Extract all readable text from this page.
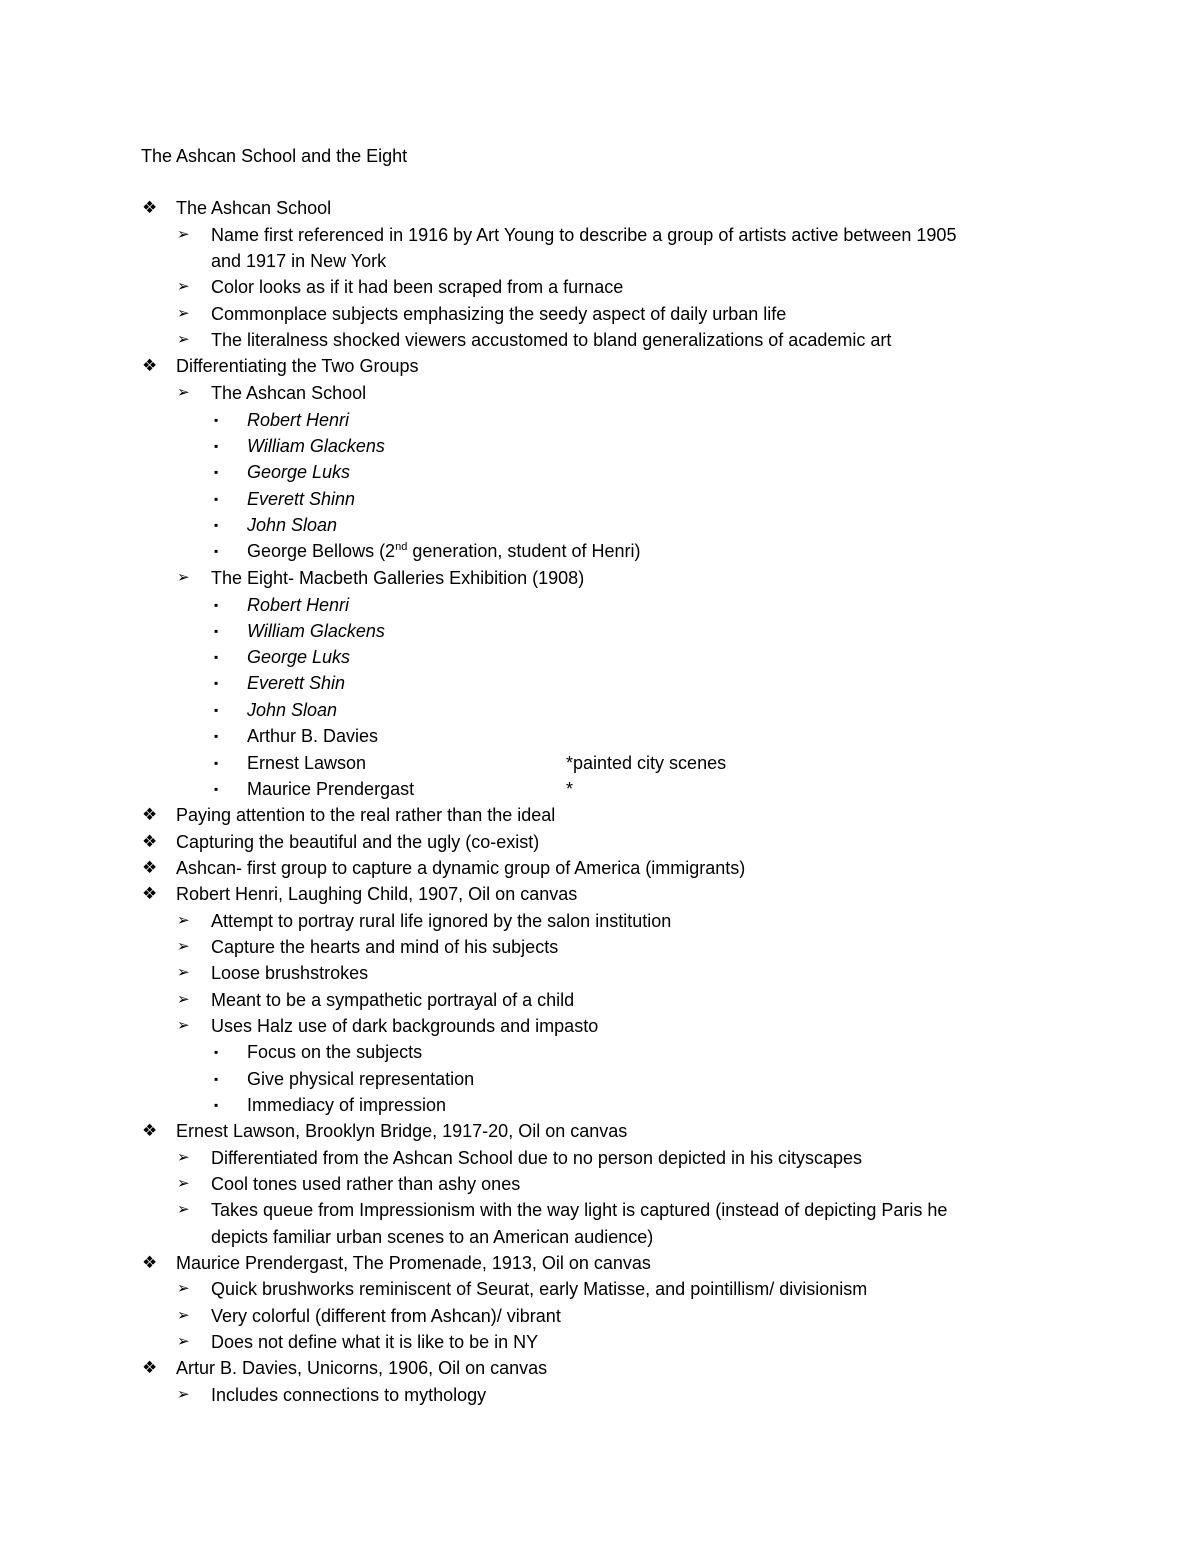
The Ashcan School and the Eight
❖ The Ashcan School
➢ Name first referenced in 1916 by Art Young to describe a group of artists active between 1905
and 1917 in New York
➢ Color looks as if it had been scraped from a furnace
➢ Commonplace subjects emphasizing the seedy aspect of daily urban life
➢ The literalness shocked viewers accustomed to bland generalizations of academic art
❖ Differentiating the Two Groups
➢ The Ashcan School
▪ Robert Henri
▪ William Glackens
▪ George Luks
▪ Everett Shinn
▪ John Sloan
▪ George Bellows (2nd generation, student of Henri)
➢ The Eight- Macbeth Galleries Exhibition (1908)
▪ Robert Henri
▪ William Glackens
▪ George Luks
▪ Everett Shin
▪ John Sloan
▪ Arthur B. Davies
▪ Ernest Lawson	*painted city scenes
▪ Maurice Prendergast	*
❖ Paying attention to the real rather than the ideal
❖ Capturing the beautiful and the ugly (co-exist)
❖ Ashcan- first group to capture a dynamic group of America (immigrants)
❖ Robert Henri, Laughing Child, 1907, Oil on canvas
➢ Attempt to portray rural life ignored by the salon institution
➢ Capture the hearts and mind of his subjects
➢ Loose brushstrokes
➢ Meant to be a sympathetic portrayal of a child
➢ Uses Halz use of dark backgrounds and impasto
▪ Focus on the subjects
▪ Give physical representation
▪ Immediacy of impression
❖ Ernest Lawson, Brooklyn Bridge, 1917-20, Oil on canvas
➢ Differentiated from the Ashcan School due to no person depicted in his cityscapes
➢ Cool tones used rather than ashy ones
➢ Takes queue from Impressionism with the way light is captured (instead of depicting Paris he
depicts familiar urban scenes to an American audience)
❖ Maurice Prendergast, The Promenade, 1913, Oil on canvas
➢ Quick brushworks reminiscent of Seurat, early Matisse, and pointillism/ divisionism
➢ Very colorful (different from Ashcan)/ vibrant
➢ Does not define what it is like to be in NY
❖ Artur B. Davies, Unicorns, 1906, Oil on canvas
➢ Includes connections to mythology
